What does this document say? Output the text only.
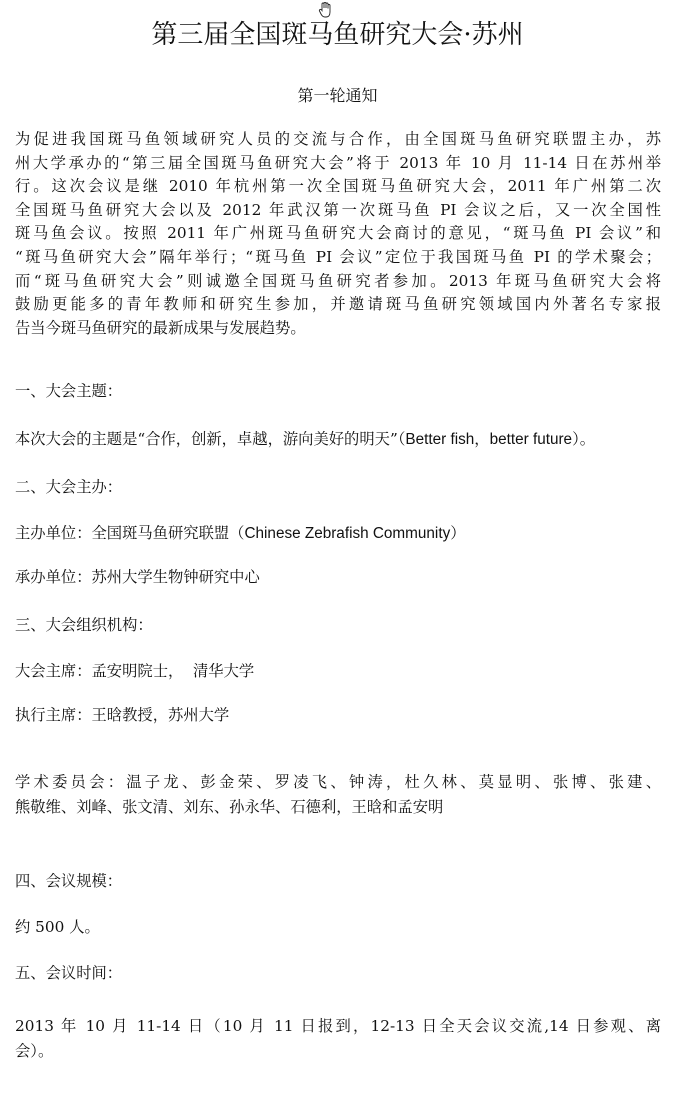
第三届全国斑马鱼研究大会·苏州

第一轮通知

为促进我国斑马鱼领域研究人员的交流与合作，由全国斑马鱼研究联盟主办，苏
州大学承办的“第三届全国斑马鱼研究大会”将于 2013 年 10 月 11-14 日在苏州举
行。这次会议是继 2010 年杭州第一次全国斑马鱼研究大会，2011 年广州第二次
全国斑马鱼研究大会以及 2012 年武汉第一次斑马鱼 PI 会议之后，又一次全国性
斑马鱼会议。按照 2011 年广州斑马鱼研究大会商讨的意见，“斑马鱼 PI 会议”和
“斑马鱼研究大会”隔年举行；“斑马鱼 PI 会议”定位于我国斑马鱼 PI 的学术聚会；
而“斑马鱼研究大会”则诚邀全国斑马鱼研究者参加。2013 年斑马鱼研究大会将
鼓励更能多的青年教师和研究生参加，并邀请斑马鱼研究领域国内外著名专家报
告当今斑马鱼研究的最新成果与发展趋势。

一、大会主题：

本次大会的主题是“合作，创新，卓越，游向美好的明天”（Better fish，better future）。

二、大会主办：

主办单位：全国斑马鱼研究联盟（Chinese Zebrafish Community）

承办单位：苏州大学生物钟研究中心

三、大会组织机构：

大会主席：孟安明院士，  清华大学

执行主席：王晗教授，苏州大学

学术委员会：温子龙、彭金荣、罗凌飞、钟涛，杜久林、莫显明、张博、张建、
熊敬维、刘峰、张文清、刘东、孙永华、石德利，王晗和孟安明

四、会议规模：

约 500 人。

五、会议时间：

2013 年 10 月 11-14 日（10 月 11 日报到，12-13 日全天会议交流,14 日参观、离
会）。
